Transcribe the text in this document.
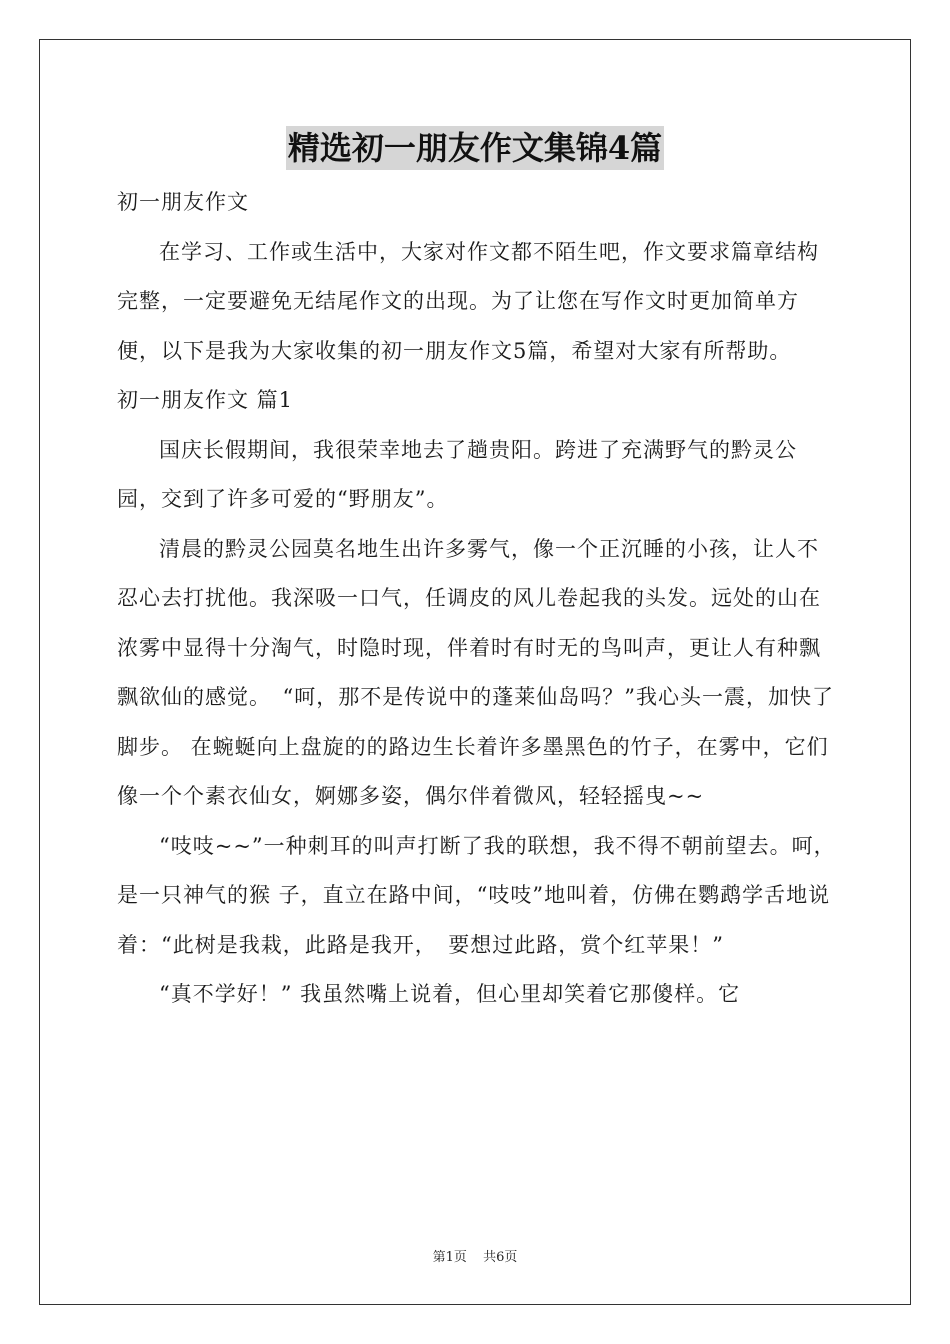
精选初一朋友作文集锦4篇

初一朋友作文

在学习、工作或生活中，大家对作文都不陌生吧，作文要求篇章结构完整，一定要避免无结尾作文的出现。为了让您在写作文时更加简单方便，以下是我为大家收集的初一朋友作文5篇，希望对大家有所帮助。

初一朋友作文 篇1

国庆长假期间，我很荣幸地去了趟贵阳。跨进了充满野气的黔灵公园，交到了许多可爱的“野朋友”。

清晨的黔灵公园莫名地生出许多雾气，像一个正沉睡的小孩，让人不忍心去打扰他。我深吸一口气，任调皮的风儿卷起我的头发。远处的山在浓雾中显得十分淘气，时隐时现，伴着时有时无的鸟叫声，更让人有种飘飘欲仙的感觉。　“呵，那不是传说中的蓬莱仙岛吗？”我心头一震，加快了脚步。 在蜿蜒向上盘旋的的路边生长着许多墨黑色的竹子，在雾中，它们像一个个素衣仙女，婀娜多姿，偶尔伴着微风，轻轻摇曳~~

“吱吱~~”一种刺耳的叫声打断了我的联想，我不得不朝前望去。呵，是一只神气的猴 子，直立在路中间，“吱吱”地叫着，仿佛在鹦鹉学舌地说着：“此树是我栽，此路是我开，　要想过此路，赏个红苹果！”

“真不学好！” 我虽然嘴上说着，但心里却笑着它那傻样。它

第1页 共6页
